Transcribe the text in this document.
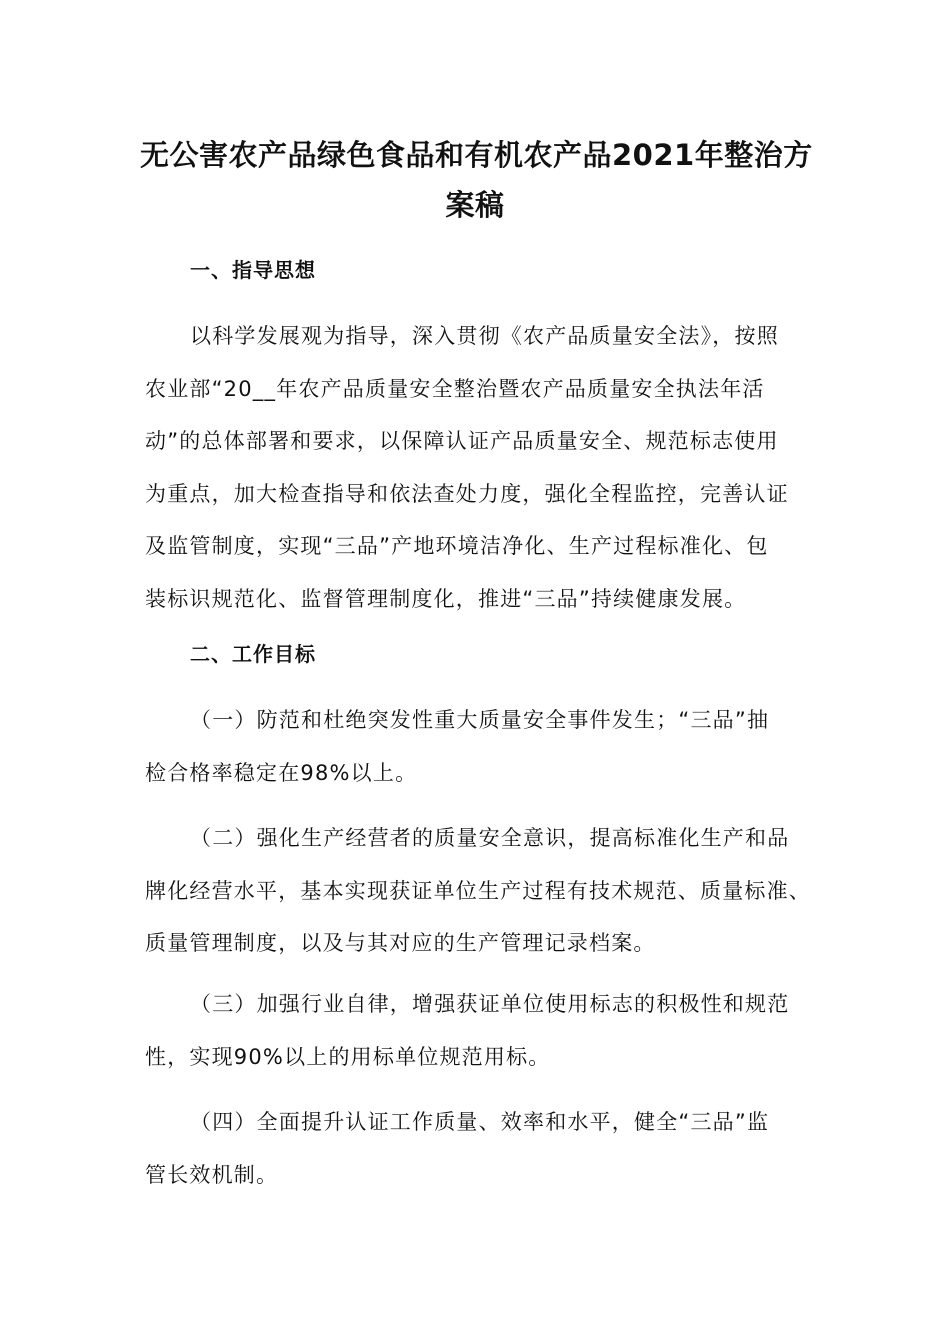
无公害农产品绿色食品和有机农产品2021年整治方
案稿
一、指导思想
以科学发展观为指导，深入贯彻《农产品质量安全法》，按照
农业部“20__年农产品质量安全整治暨农产品质量安全执法年活
动”的总体部署和要求，以保障认证产品质量安全、规范标志使用
为重点，加大检查指导和依法查处力度，强化全程监控，完善认证
及监管制度，实现“三品”产地环境洁净化、生产过程标准化、包
装标识规范化、监督管理制度化，推进“三品”持续健康发展。
二、工作目标
（一）防范和杜绝突发性重大质量安全事件发生；“三品”抽
检合格率稳定在98%以上。
（二）强化生产经营者的质量安全意识，提高标准化生产和品
牌化经营水平，基本实现获证单位生产过程有技术规范、质量标准、
质量管理制度，以及与其对应的生产管理记录档案。
（三）加强行业自律，增强获证单位使用标志的积极性和规范
性，实现90%以上的用标单位规范用标。
（四）全面提升认证工作质量、效率和水平，健全“三品”监
管长效机制。
